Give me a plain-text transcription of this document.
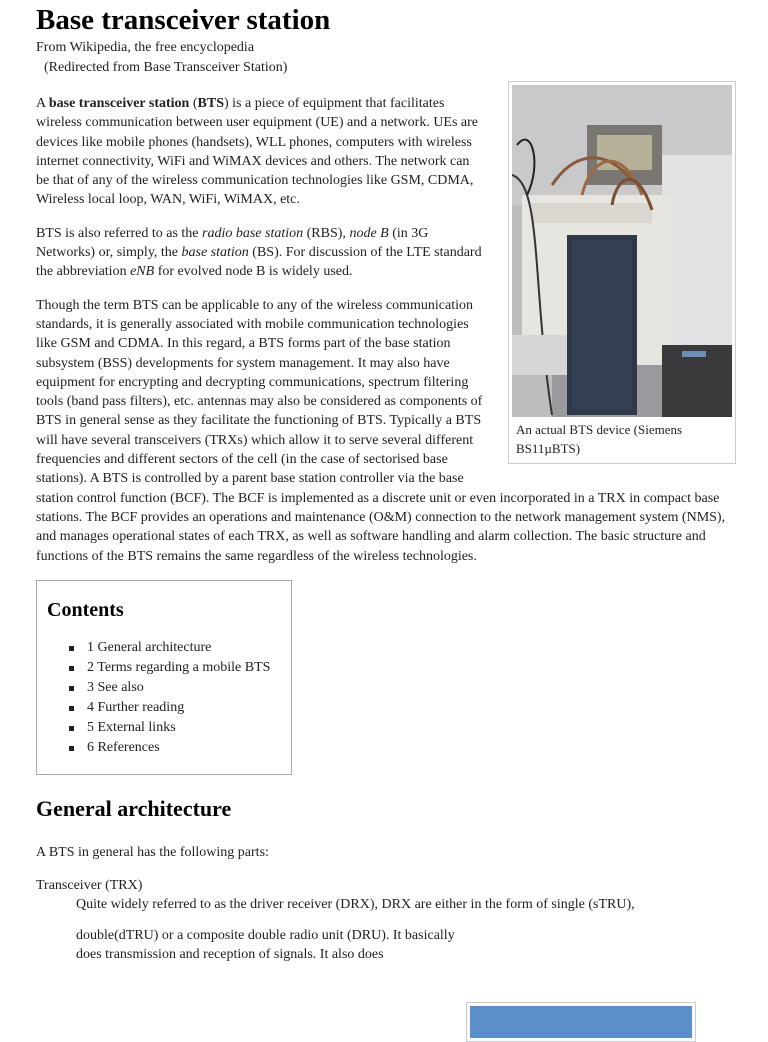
Base transceiver station
From Wikipedia, the free encyclopedia
(Redirected from Base Transceiver Station)
An actual BTS device (Siemens BS11µBTS)

A base transceiver station (BTS) is a piece of equipment that facilitates wireless communication between user equipment (UE) and a network. UEs are devices like mobile phones (handsets), WLL phones, computers with wireless internet connectivity, WiFi and WiMAX devices and others. The network can be that of any of the wireless communication technologies like GSM, CDMA, Wireless local loop, WAN, WiFi, WiMAX, etc.

BTS is also referred to as the radio base station (RBS), node B (in 3G Networks) or, simply, the base station (BS). For discussion of the LTE standard the abbreviation eNB for evolved node B is widely used.

Though the term BTS can be applicable to any of the wireless communication standards, it is generally associated with mobile communication technologies like GSM and CDMA. In this regard, a BTS forms part of the base station subsystem (BSS) developments for system management. It may also have equipment for encrypting and decrypting communications, spectrum filtering tools (band pass filters), etc. antennas may also be considered as components of BTS in general sense as they facilitate the functioning of BTS. Typically a BTS will have several transceivers (TRXs) which allow it to serve several different frequencies and different sectors of the cell (in the case of sectorised base stations). A BTS is controlled by a parent base station controller via the base station control function (BCF). The BCF is implemented as a discrete unit or even incorporated in a TRX in compact base stations. The BCF provides an operations and maintenance (O&M) connection to the network management system (NMS), and manages operational states of each TRX, as well as software handling and alarm collection. The basic structure and functions of the BTS remains the same regardless of the wireless technologies.

Contents
1 General architecture
2 Terms regarding a mobile BTS
3 See also
4 Further reading
5 External links
6 References
General architecture

A BTS in general has the following parts:

Transceiver (TRX)
Quite widely referred to as the driver receiver (DRX), DRX are either in the form of single (sTRU),
double(dTRU) or a composite double radio unit (DRU). It basically does transmission and reception of signals. It also does
